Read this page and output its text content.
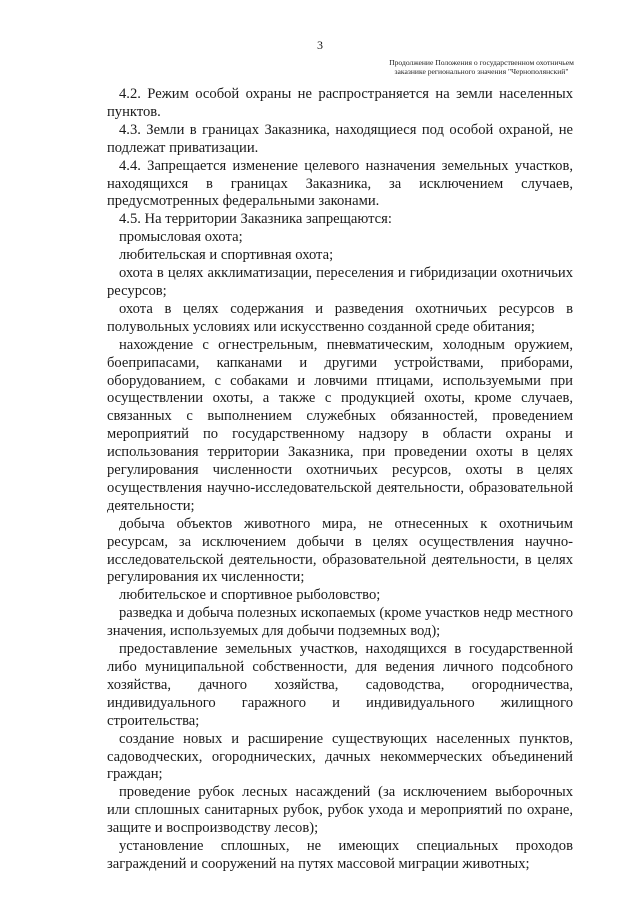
3
Продолжение Положения о государственном охотничьем
заказнике регионального значения "Чернополянский"

4.2. Режим особой охраны не распространяется на земли населенных пунктов.

4.3. Земли в границах Заказника, находящиеся под особой охраной, не подлежат приватизации.

4.4. Запрещается изменение целевого назначения земельных участков, находящихся в границах Заказника, за исключением случаев, предусмотренных федеральными законами.

4.5. На территории Заказника запрещаются:

промысловая охота;

любительская и спортивная охота;

охота в целях акклиматизации, переселения и гибридизации охотничьих ресурсов;

охота в целях содержания и разведения охотничьих ресурсов в полувольных условиях или искусственно созданной среде обитания;

нахождение с огнестрельным, пневматическим, холодным оружием, боеприпасами, капканами и другими устройствами, приборами, оборудованием, с собаками и ловчими птицами, используемыми при осуществлении охоты, а также с продукцией охоты, кроме случаев, связанных с выполнением служебных обязанностей, проведением мероприятий по государственному надзору в области охраны и использования территории Заказника, при проведении охоты в целях регулирования численности охотничьих ресурсов, охоты в целях осуществления научно-исследовательской деятельности, образовательной деятельности;

добыча объектов животного мира, не отнесенных к охотничьим ресурсам, за исключением добычи в целях осуществления научно-исследовательской деятельности, образовательной деятельности, в целях регулирования их численности;

любительское и спортивное рыболовство;

разведка и добыча полезных ископаемых (кроме участков недр местного значения, используемых для добычи подземных вод);

предоставление земельных участков, находящихся в государственной либо муниципальной собственности, для ведения личного подсобного хозяйства, дачного хозяйства, садоводства, огородничества, индивидуального гаражного и индивидуального жилищного строительства;

создание новых и расширение существующих населенных пунктов, садоводческих, огороднических, дачных некоммерческих объединений граждан;

проведение рубок лесных насаждений (за исключением выборочных или сплошных санитарных рубок, рубок ухода и мероприятий по охране, защите и воспроизводству лесов);

установление сплошных, не имеющих специальных проходов заграждений и сооружений на путях массовой миграции животных;
